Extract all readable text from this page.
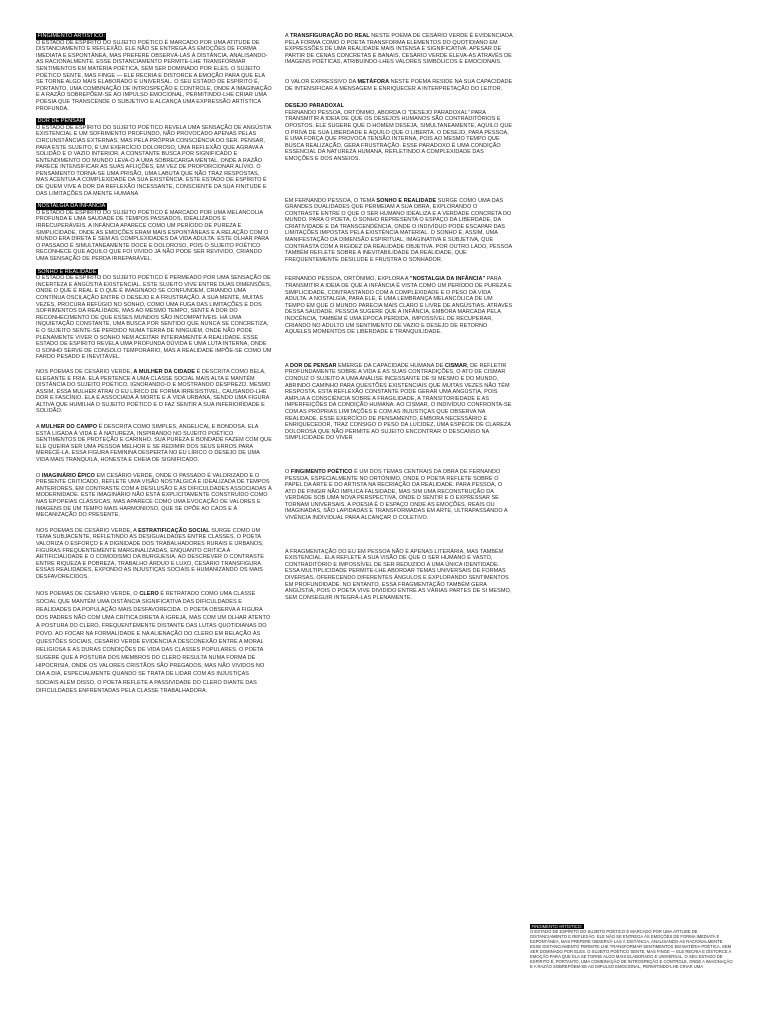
FINGIMENTO ARTÍSTICO:
O ESTADO DE ESPÍRITO DO SUJEITO POÉTICO É MARCADO POR UMA ATITUDE DE DISTANCIAMENTO E REFLEXÃO. ELE NÃO SE ENTREGA ÀS EMOÇÕES DE FORMA IMEDIATA E ESPONTÂNEA, MAS PREFERE OBSERVÁ-LAS À DISTÂNCIA, ANALISANDO-AS RACIONALMENTE. ESSE DISTANCIAMENTO PERMITE-LHE TRANSFORMAR SENTIMENTOS EM MATÉRIA POÉTICA, SEM SER DOMINADO POR ELES. O SUJEITO POÉTICO SENTE, MAS FINGE — ELE RECRIA E DISTORCE A EMOÇÃO PARA QUE ELA SE TORNE ALGO MAIS ELABORADO E UNIVERSAL. O SEU ESTADO DE ESPÍRITO É, PORTANTO, UMA COMBINAÇÃO DE INTROSPEÇÃO E CONTROLE, ONDE A IMAGINAÇÃO E A RAZÃO SOBREPÕEM-SE AO IMPULSO EMOCIONAL, PERMITINDO-LHE CRIAR UMA POESIA QUE TRANSCENDE O SUBJETIVO E ALCANÇA UMA EXPRESSÃO ARTÍSTICA PROFUNDA.
DOR DE PENSAR
O ESTADO DE ESPÍRITO DO SUJEITO POÉTICO REVELA UMA SENSAÇÃO DE ANGÚSTIA EXISTENCIAL E UM SOFRIMENTO PROFUNDO, NÃO PROVOCADO APENAS PELAS CIRCUNSTÂNCIAS EXTERNAS, MAS PELA PRÓPRIA CONSCIÊNCIA DO SER. PENSAR, PARA ESTE SUJEITO, É UM EXERCÍCIO DOLOROSO, UMA REFLEXÃO QUE AGRAVA A SOLIDÃO E O VAZIO INTERIOR. A CONSTANTE BUSCA POR SIGNIFICADO E ENTENDIMENTO DO MUNDO LEVA-O A UMA SOBRECARGA MENTAL, ONDE A RAZÃO PARECE INTENSIFICAR AS SUAS AFLIÇÕES, EM VEZ DE PROPORCIONAR ALÍVIO. O PENSAMENTO TORNA-SE UMA PRISÃO, UMA LABUTA QUE NÃO TRAZ RESPOSTAS, MAS ACENTUA A COMPLEXIDADE DA SUA EXISTÊNCIA. ESTE ESTADO DE ESPÍRITO É DE QUEM VIVE A DOR DA REFLEXÃO INCESSANTE, CONSCIENTE DA SUA FINITUDE E DAS LIMITAÇÕES DA MENTE HUMANA
NOSTALGIA DA INFÂNCIA
O ESTADO DE ESPÍRITO DO SUJEITO POÉTICO É MARCADO POR UMA MELANCOLIA PROFUNDA E UMA SAUDADE DE TEMPOS PASSADOS, IDEALIZADOS E IRRECUPERÁVEIS. A INFÂNCIA APARECE COMO UM PERÍODO DE PUREZA E SIMPLICIDADE, ONDE AS EMOÇÕES ERAM MAIS ESPONTÂNEAS E A RELAÇÃO COM O MUNDO ERA DIRETA E SEM AS COMPLEXIDADES DA VIDA ADULTA. ESTE OLHAR PARA O PASSADO É SIMULTANEAMENTE DOCE E DOLOROSO, POIS O SUJEITO POÉTICO RECONHECE QUE AQUILO QUE FOI VIVIDO JÁ NÃO PODE SER REVIVIDO, CRIANDO UMA SENSAÇÃO DE PERDA IRREPARÁVEL.
SONHO E REALIDADE
O ESTADO DE ESPÍRITO DO SUJEITO POÉTICO É PERMEADO POR UMA SENSAÇÃO DE INCERTEZA E ANGÚSTIA EXISTENCIAL. ESTE SUJEITO VIVE ENTRE DUAS DIMENSÕES, ONDE O QUE É REAL E O QUE É IMAGINADO SE CONFUNDEM, CRIANDO UMA CONTÍNUA OSCILAÇÃO ENTRE O DESEJO E A FRUSTRAÇÃO. A SUA MENTE, MUITAS VEZES, PROCURA REFÚGIO NO SONHO, COMO UMA FUGA DAS LIMITAÇÕES E DOS SOFRIMENTOS DA REALIDADE, MAS AO MESMO TEMPO, SENTE A DOR DO RECONHECIMENTO DE QUE ESSES MUNDOS SÃO INCOMPATÍVEIS. HÁ UMA INQUIETAÇÃO CONSTANTE, UMA BUSCA POR SENTIDO QUE NUNCA SE CONCRETIZA, E O SUJEITO SENTE-SE PERDIDO NUMA TERRA DE NINGUÉM, ONDE NÃO PODE PLENAMENTE VIVER O SONHO NEM ACEITAR INTEIRAMENTE A REALIDADE. ESSE ESTADO DE ESPÍRITO REVELA UMA PROFUNDA DÚVIDA E UMA LUTA INTERNA, ONDE O SONHO SERVE DE CONSOLO TEMPORÁRIO, MAS A REALIDADE IMPÕE-SE COMO UM FARDO PESADO E INEVITÁVEL.
NOS POEMAS DE CESÁRIO VERDE, A MULHER DA CIDADE É DESCRITA COMO BELA, ELEGANTE E FRIA. ELA PERTENCE A UMA CLASSE SOCIAL MAIS ALTA E MANTÉM DISTÂNCIA DO SUJEITO POÉTICO, IGNORANDO-O E MOSTRANDO DESPREZO. MESMO ASSIM, ESSA MULHER ATRAI O EU LÍRICO DE FORMA IRRESISTÍVEL, CAUSANDO-LHE DOR E FASCÍNIO. ELA É ASSOCIADA À MORTE E À VIDA URBANA, SENDO UMA FIGURA ALTIVA QUE HUMILHA O SUJEITO POÉTICO E O FAZ SENTIR A SUA INFERIORIDADE E SOLIDÃO.
A MULHER DO CAMPO É DESCRITA COMO SIMPLES, ANGELICAL E BONDOSA. ELA ESTÁ LIGADA À VIDA E À NATUREZA, INSPIRANDO NO SUJEITO POÉTICO SENTIMENTOS DE PROTEÇÃO E CARINHO. SUA PUREZA E BONDADE FAZEM COM QUE ELE QUEIRA SER UMA PESSOA MELHOR E SE REDIMIR DOS SEUS ERROS PARA MERECÊ-LA. ESSA FIGURA FEMININA DESPERTA NO EU LÍRICO O DESEJO DE UMA VIDA MAIS TRANQUILA, HONESTA E CHEIA DE SIGNIFICADO.
O IMAGINÁRIO ÉPICO EM CESÁRIO VERDE, ONDE O PASSADO É VALORIZADO E O PRESENTE CRITICADO, REFLETE UMA VISÃO NOSTÁLGICA E IDEALIZADA DE TEMPOS ANTERIORES, EM CONTRASTE COM A DESILUSÃO E AS DIFICULDADES ASSOCIADAS À MODERNIDADE. ESTE IMAGINÁRIO NÃO ESTÁ EXPLICITAMENTE CONSTRUÍDO COMO NAS EPOPEIAS CLÁSSICAS, MAS APARECE COMO UMA EVOCAÇÃO DE VALORES E IMAGENS DE UM TEMPO MAIS HARMONIOSO, QUE SE OPÕE AO CAOS E À MECANIZAÇÃO DO PRESENTE.
NOS POEMAS DE CESÁRIO VERDE, A ESTRATIFICAÇÃO SOCIAL SURGE COMO UM TEMA SUBJACENTE, REFLETINDO AS DESIGUALDADES ENTRE CLASSES. O POETA VALORIZA O ESFORÇO E A DIGNIDADE DOS TRABALHADORES RURAIS E URBANOS, FIGURAS FREQUENTEMENTE MARGINALIZADAS, ENQUANTO CRITICA A ARTIFICIALIDADE E O COMODISMO DA BURGUESIA. AO DESCREVER O CONTRASTE ENTRE RIQUEZA E POBREZA, TRABALHO ÁRDUO E LUXO, CESÁRIO TRANSFIGURA ESSAS REALIDADES, EXPONDO AS INJUSTIÇAS SOCIAIS E HUMANIZANDO OS MAIS DESFAVORECIDOS.
NOS POEMAS DE CESÁRIO VERDE, O CLERO É RETRATADO COMO UMA CLASSE SOCIAL QUE MANTÉM UMA DISTÂNCIA SIGNIFICATIVA DAS DIFICULDADES E REALIDADES DA POPULAÇÃO MAIS DESFAVORECIDA. O POETA OBSERVA A FIGURA DOS PADRES NÃO COM UMA CRÍTICA DIRETA À IGREJA, MAS COM UM OLHAR ATENTO À POSTURA DO CLERO, FREQUENTEMENTE DISTANTE DAS LUTAS QUOTIDIANAS DO POVO. AO FOCAR NA FORMALIDADE E NA ALIENAÇÃO DO CLERO EM RELAÇÃO ÀS QUESTÕES SOCIAIS, CESÁRIO VERDE EVIDENCIA A DESCONEXÃO ENTRE A MORAL RELIGIOSA E AS DURAS CONDIÇÕES DE VIDA DAS CLASSES POPULARES. O POETA SUGERE QUE A POSTURA DOS MEMBROS DO CLERO RESULTA NUMA FORMA DE HIPOCRISIA, ONDE OS VALORES CRISTÃOS SÃO PREGADOS, MAS NÃO VIVIDOS NO DIA A DIA, ESPECIALMENTE QUANDO SE TRATA DE LIDAR COM AS INJUSTIÇAS SOCIAIS ALÉM DISSO, O POETA REFLETE A PASSIVIDADE DO CLERO DIANTE DAS DIFICULDADES ENFRENTADAS PELA CLASSE TRABALHADORA.
A TRANSFIGURAÇÃO DO REAL NESTE POEMA DE CESÁRIO VERDE É EVIDENCIADA PELA FORMA COMO O POETA TRANSFORMA ELEMENTOS DO QUOTIDIANO EM EXPRESSÕES DE UMA REALIDADE MAIS INTENSA E SIGNIFICATIVA. APESAR DE PARTIR DE CENAS CONCRETAS E BANAIS, CESÁRIO VERDE ELEVA-AS ATRAVÉS DE IMAGENS POÉTICAS, ATRIBUINDO-LHES VALORES SIMBÓLICOS E EMOCIONAIS.
O VALOR EXPRESSIVO DA METÁFORA NESTE POEMA RESIDE NA SUA CAPACIDADE DE INTENSIFICAR A MENSAGEM E ENRIQUECER A INTERPRETAÇÃO DO LEITOR.
DESEJO PARADOXAL
FERNANDO PESSOA, ORTÓNIMO, ABORDA O "DESEJO PARADOXAL" PARA TRANSMITIR A IDEIA DE QUE OS DESEJOS HUMANOS SÃO CONTRADITÓRIOS E OPOSTOS. ELE SUGERE QUE O HOMEM DESEJA, SIMULTANEAMENTE, AQUILO QUE O PRIVA DE SUA LIBERDADE E AQUILO QUE O LIBERTA. O DESEJO, PARA PESSOA, É UMA FORÇA QUE PROVOCA TENSÃO INTERNA, POIS AO MESMO TEMPO QUE BUSCA REALIZAÇÃO, GERA FRUSTRAÇÃO. ESSE PARADOXO É UMA CONDIÇÃO ESSENCIAL DA NATUREZA HUMANA, REFLETINDO A COMPLEXIDADE DAS EMOÇÕES E DOS ANSEIOS.
EM FERNANDO PESSOA, O TEMA SONHO E REALIDADE SURGE COMO UMA DAS GRANDES DUALIDADES QUE PERMEIAM A SUA OBRA, EXPLORANDO O CONTRASTE ENTRE O QUE O SER HUMANO IDEALIZA E A VERDADE CONCRETA DO MUNDO. PARA O POETA, O SONHO REPRESENTA O ESPAÇO DA LIBERDADE, DA CRIATIVIDADE E DA TRANSCENDÊNCIA, ONDE O INDIVÍDUO PODE ESCAPAR DAS LIMITAÇÕES IMPOSTAS PELA EXISTÊNCIA MATERIAL. O SONHO É, ASSIM, UMA MANIFESTAÇÃO DA DIMENSÃO ESPIRITUAL, IMAGINATIVA E SUBJETIVA, QUE CONTRASTA COM A RIGIDEZ DA REALIDADE OBJETIVA. POR OUTRO LADO, PESSOA TAMBÉM REFLETE SOBRE A INEVITABILIDADE DA REALIDADE, QUE FREQUENTEMENTE DESILUDE E FRUSTRA O SONHADOR.
FERNANDO PESSOA, ORTÓNIMO, EXPLORA A "NOSTALGIA DA INFÂNCIA" PARA TRANSMITIR A IDEIA DE QUE A INFÂNCIA É VISTA COMO UM PERÍODO DE PUREZA E SIMPLICIDADE, CONTRASTANDO COM A COMPLEXIDADE E O PESO DA VIDA ADULTA. A NOSTALGIA, PARA ELE, É UMA LEMBRANÇA MELANCÓLICA DE UM TEMPO EM QUE O MUNDO PARECIA MAIS CLARO E LIVRE DE ANGÚSTIAS. ATRAVÉS DESSA SAUDADE, PESSOA SUGERE QUE A INFÂNCIA, EMBORA MARCADA PELA INOCÊNCIA, TAMBÉM É UMA ÉPOCA PERDIDA, IMPOSSÍVEL DE RECUPERAR, CRIANDO NO ADULTO UM SENTIMENTO DE VAZIO E DESEJO DE RETORNO AQUELES MOMENTOS DE LIBERDADE E TRANQUILIDADE.
A DOR DE PENSAR EMERGE DA CAPACIDADE HUMANA DE CISMAR, DE REFLETIR PROFUNDAMENTE SOBRE A VIDA E AS SUAS CONTRADIÇÕES. O ATO DE CISMAR CONDUZ O SUJEITO A UMA ANÁLISE INCESSANTE DE SI MESMO E DO MUNDO, ABRINDO CAMINHO PARA QUESTÕES EXISTENCIAIS QUE MUITAS VEZES NÃO TÊM RESPOSTA. ESTA REFLEXÃO CONSTANTE PODE GERAR UMA ANGÚSTIA, POIS AMPLIA A CONSCIÊNCIA SOBRE A FRAGILIDADE, A TRANSITORIEDADE E AS IMPERFEIÇÕES DA CONDIÇÃO HUMANA. AO CISMAR, O INDIVÍDUO CONFRONTA-SE COM AS PRÓPRIAS LIMITAÇÕES E COM AS INJUSTIÇAS QUE OBSERVA NA REALIDADE. ESSE EXERCÍCIO DE PENSAMENTO, EMBORA NECESSÁRIO E ENRIQUECEDOR, TRAZ CONSIGO O PESO DA LUCIDEZ, UMA ESPÉCIE DE CLAREZA DOLOROSA QUE NÃO PERMITE AO SUJEITO ENCONTRAR O DESCANSO NA SIMPLICIDADE DO VIVER
O FINGIMENTO POÉTICO É UM DOS TEMAS CENTRAIS DA OBRA DE FERNANDO PESSOA, ESPECIALMENTE NO ORTÓNIMO, ONDE O POETA REFLETE SOBRE O PAPEL DA ARTE E DO ARTISTA NA RECRIAÇÃO DA REALIDADE. PARA PESSOA, O ATO DE FINGIR NÃO IMPLICA FALSIDADE, MAS SIM UMA RECONSTRUÇÃO DA VERDADE SOB UMA NOVA PERSPECTIVA, ONDE O SENTIR E O EXPRESSAR SE TORNAM UNIVERSAIS. A POESIA É O ESPAÇO ONDE AS EMOÇÕES, REAIS OU IMAGINADAS, SÃO LAPIDADAS E TRANSFORMADAS EM ARTE, ULTRAPASSANDO A VIVÊNCIA INDIVIDUAL PARA ALCANÇAR O COLETIVO.
A FRAGMENTAÇÃO DO EU EM PESSOA NÃO É APENAS LITERÁRIA, MAS TAMBÉM EXISTENCIAL. ELA REFLETE A SUA VISÃO DE QUE O SER HUMANO É VASTO, CONTRADITÓRIO E IMPOSSÍVEL DE SER REDUZIDO A UMA ÚNICA IDENTIDADE. ESSA MULTIPLICIDADE PERMITE-LHE ABORDAR TEMAS UNIVERSAIS DE FORMAS DIVERSAS, OFERECENDO DIFERENTES ÂNGULOS E EXPLORANDO SENTIMENTOS EM PROFUNDIDADE. NO ENTANTO, ESSA FRAGMENTAÇÃO TAMBÉM GERA ANGÚSTIA, POIS O POETA VIVE DIVIDIDO ENTRE AS VÁRIAS PARTES DE SI MESMO, SEM CONSEGUIR INTEGRÁ-LAS PLENAMENTE.
FINGIMENTO ARTÍSTICO:
O ESTADO DE ESPÍRITO DO SUJEITO POÉTICO É MARCADO POR UMA ATITUDE DE DISTANCIAMENTO E REFLEXÃO. ELE NÃO SE ENTREGA ÀS EMOÇÕES DE FORMA IMEDIATA E ESPONTÂNEA, MAS PREFERE OBSERVÁ-LAS À DISTÂNCIA, ANALISANDO-AS RACIONALMENTE. ESSE DISTANCIAMENTO PERMITE-LHE TRANSFORMAR SENTIMENTOS EM MATÉRIA POÉTICA, SEM SER DOMINADO POR ELES. O SUJEITO POÉTICO SENTE, MAS FINGE — ELE RECRIA E DISTORCE A EMOÇÃO PARA QUE ELA SE TORNE ALGO MAIS ELABORADO E UNIVERSAL. O SEU ESTADO DE ESPÍRITO É, PORTANTO, UMA COMBINAÇÃO DE INTROSPEÇÃO E CONTROLE, ONDE A IMAGINAÇÃO E A RAZÃO SOBREPÕEM-SE AO IMPULSO EMOCIONAL, PERMITINDO-LHE CRIAR UMA
